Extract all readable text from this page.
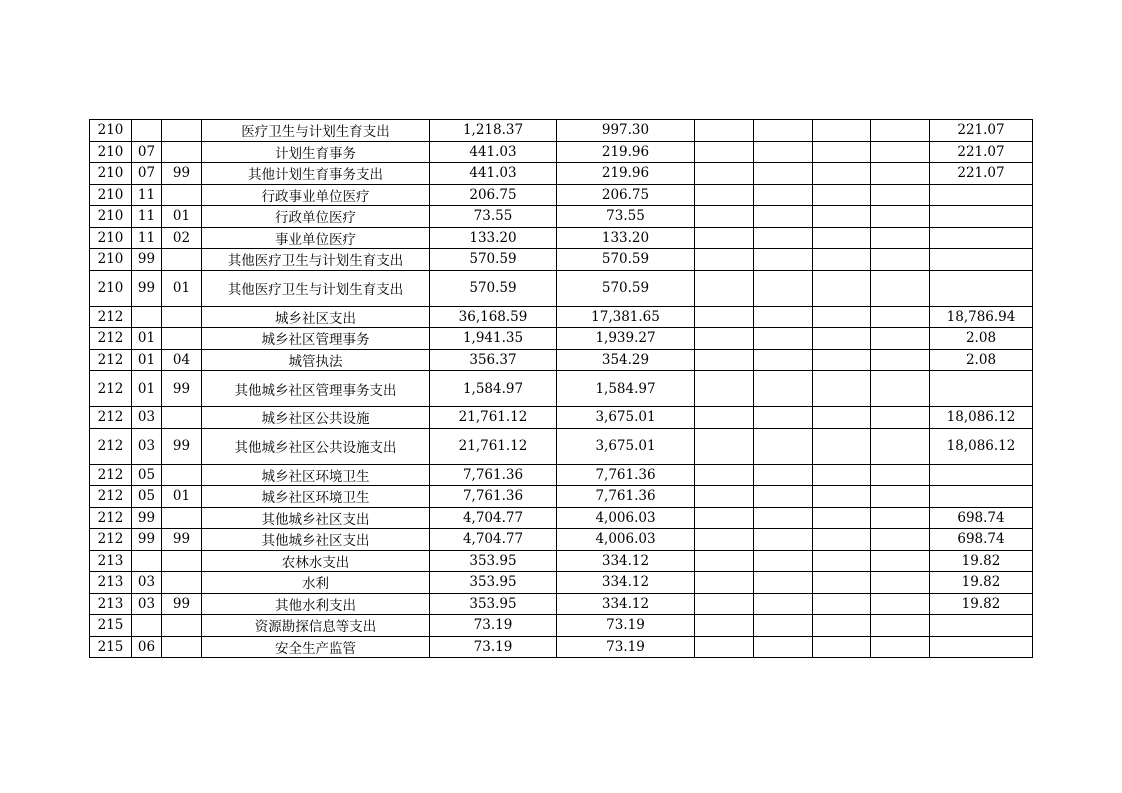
210			医疗卫生与计划生育支出	1,218.37	997.30					221.07
210	07		计划生育事务	441.03	219.96					221.07
210	07	99	其他计划生育事务支出	441.03	219.96					221.07
210	11		行政事业单位医疗	206.75	206.75					
210	11	01	行政单位医疗	73.55	73.55					
210	11	02	事业单位医疗	133.20	133.20					
210	99		其他医疗卫生与计划生育支出	570.59	570.59					
210	99	01	其他医疗卫生与计划生育支出	570.59	570.59					
212			城乡社区支出	36,168.59	17,381.65					18,786.94
212	01		城乡社区管理事务	1,941.35	1,939.27					2.08
212	01	04	城管执法	356.37	354.29					2.08
212	01	99	其他城乡社区管理事务支出	1,584.97	1,584.97					
212	03		城乡社区公共设施	21,761.12	3,675.01					18,086.12
212	03	99	其他城乡社区公共设施支出	21,761.12	3,675.01					18,086.12
212	05		城乡社区环境卫生	7,761.36	7,761.36					
212	05	01	城乡社区环境卫生	7,761.36	7,761.36					
212	99		其他城乡社区支出	4,704.77	4,006.03					698.74
212	99	99	其他城乡社区支出	4,704.77	4,006.03					698.74
213			农林水支出	353.95	334.12					19.82
213	03		水利	353.95	334.12					19.82
213	03	99	其他水利支出	353.95	334.12					19.82
215			资源勘探信息等支出	73.19	73.19					
215	06		安全生产监管	73.19	73.19					
